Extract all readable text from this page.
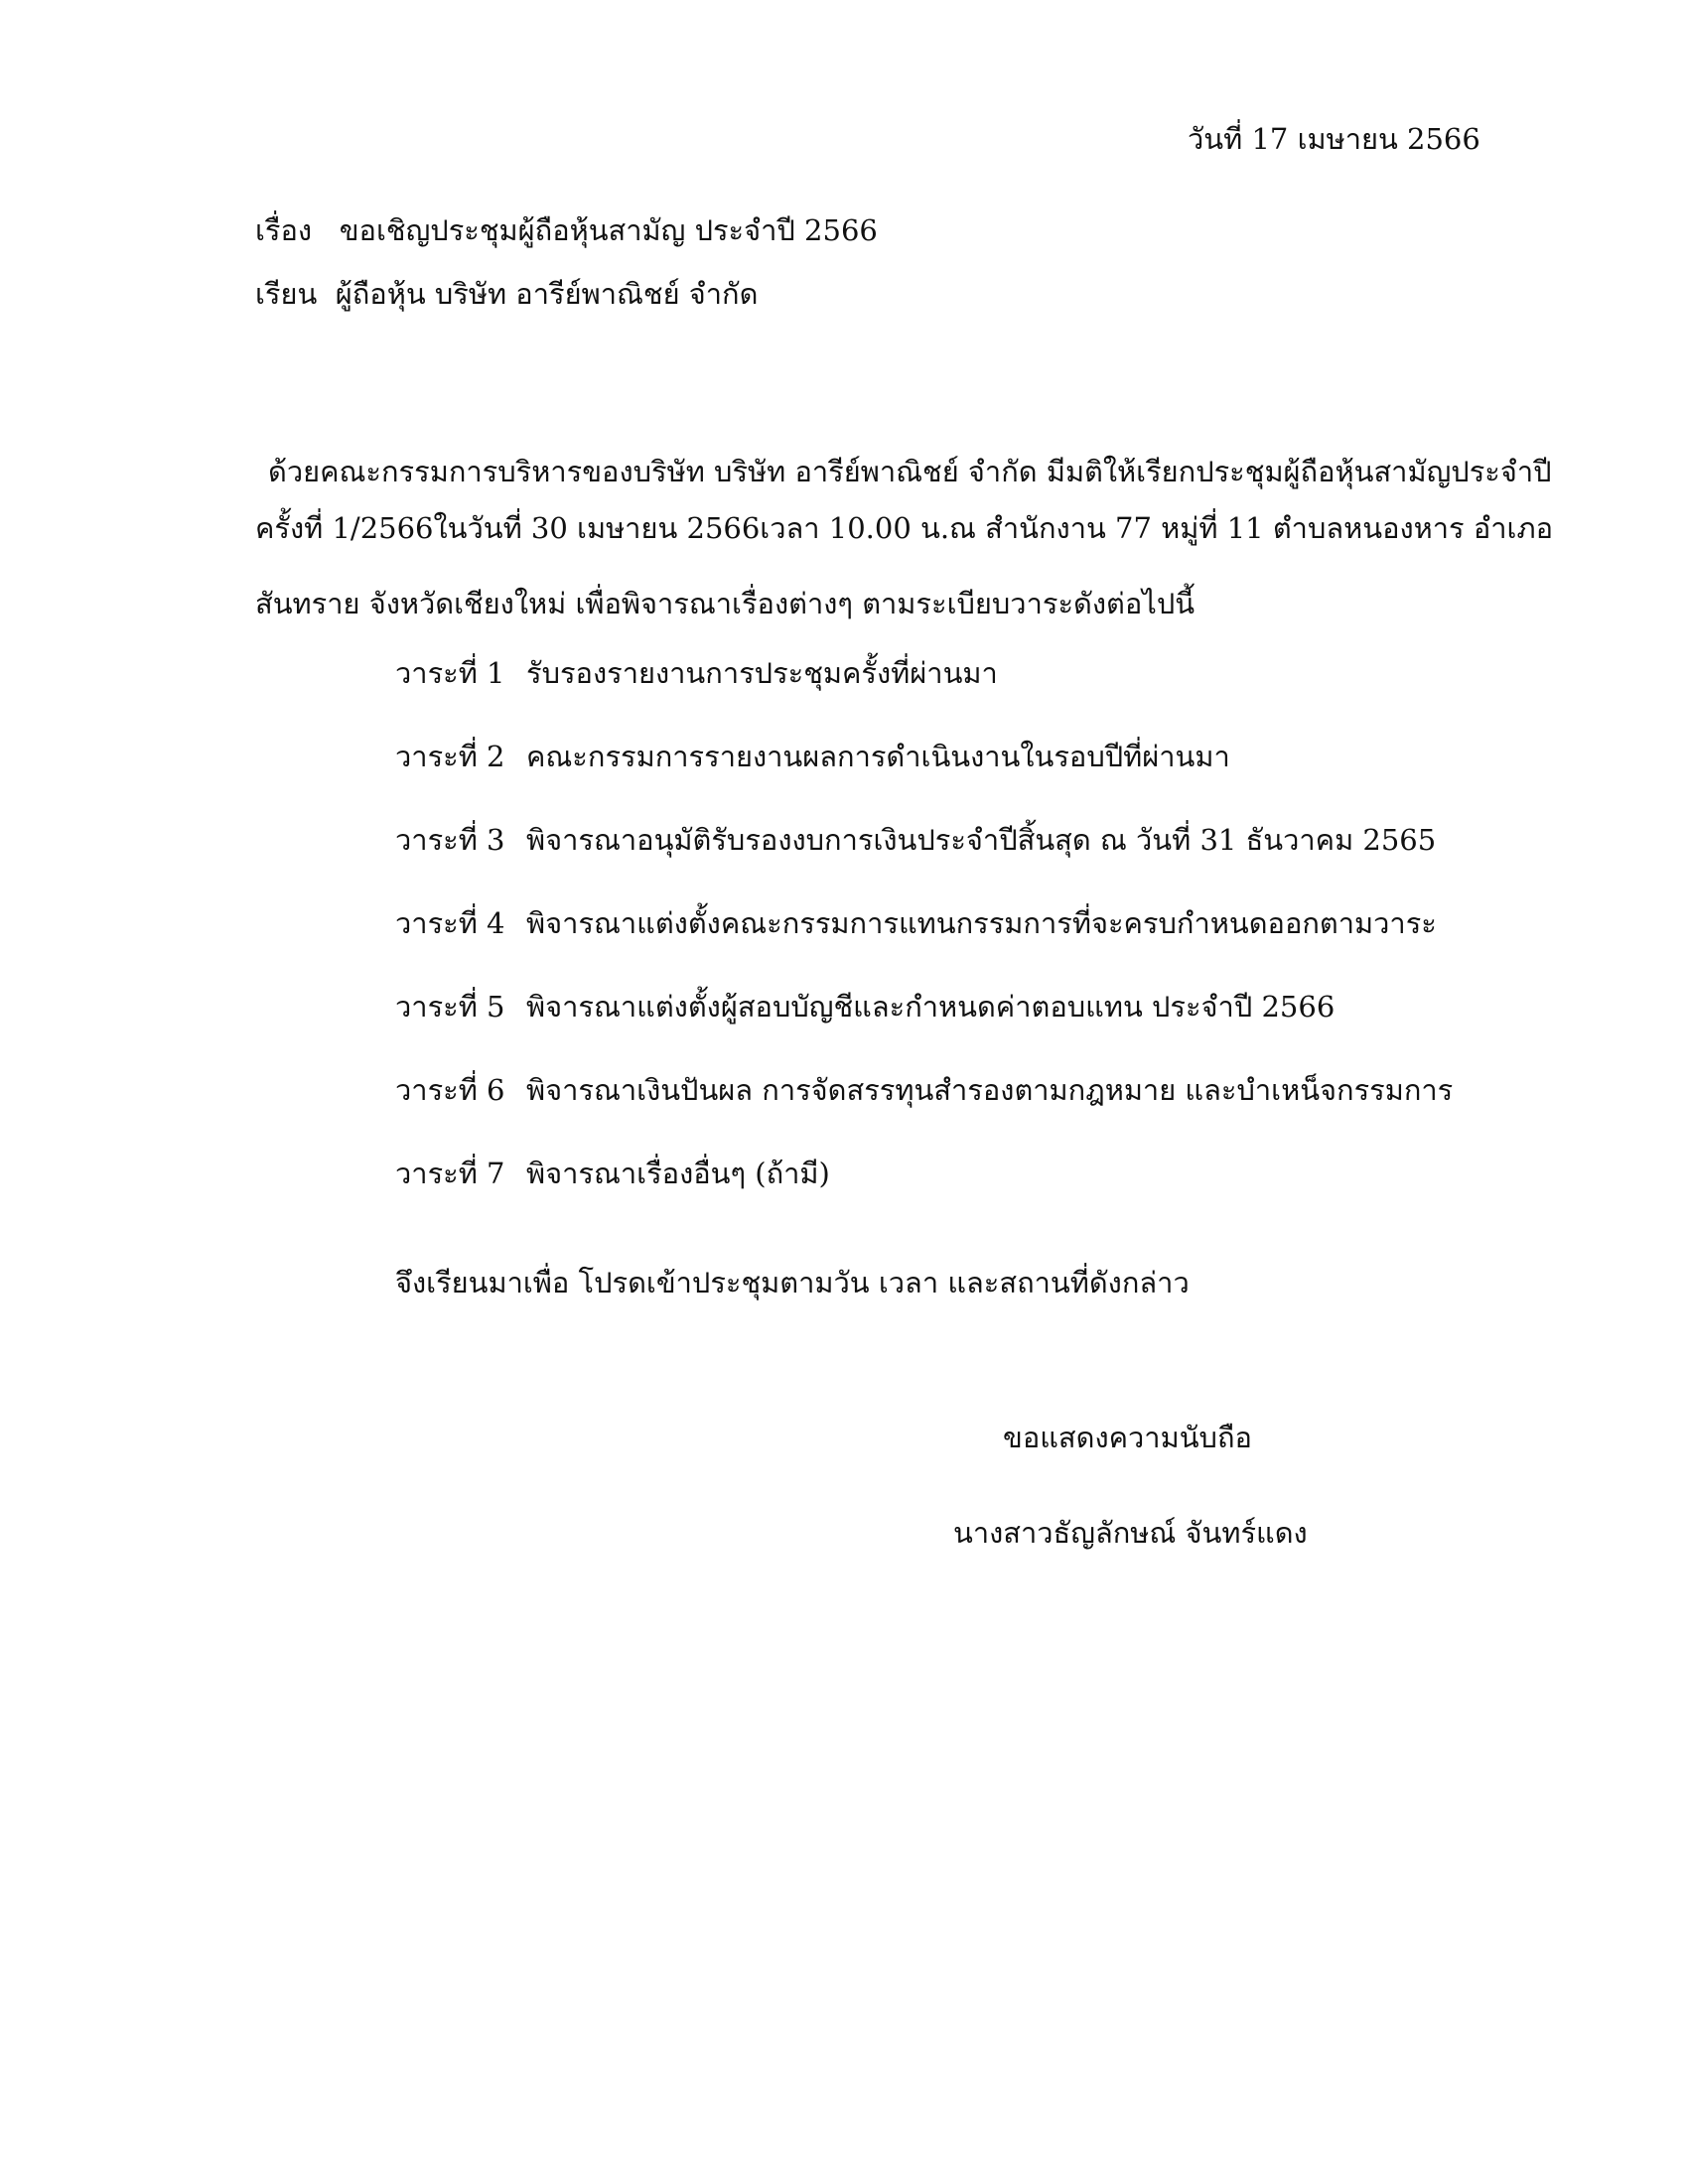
วันที่ 17 เมษายน 2566

เรื่อง ขอเชิญประชุมผู้ถือหุ้นสามัญ ประจำปี 2566

เรียน ผู้ถือหุ้น บริษัท อารีย์พาณิชย์ จำกัด

ด้วยคณะกรรมการบริหารของบริษัท บริษัท อารีย์พาณิชย์ จำกัด มีมติให้เรียกประชุมผู้ถือหุ้นสามัญประจำปี

ครั้งที่ 1/2566ในวันที่ 30 เมษายน 2566เวลา 10.00 น.ณ สำนักงาน 77 หมู่ที่ 11 ตำบลหนองหาร อำเภอ

สันทราย จังหวัดเชียงใหม่ เพื่อพิจารณาเรื่องต่างๆ ตามระเบียบวาระดังต่อไปนี้

วาระที่ 1 รับรองรายงานการประชุมครั้งที่ผ่านมา
วาระที่ 2 คณะกรรมการรายงานผลการดำเนินงานในรอบปีที่ผ่านมา
วาระที่ 3 พิจารณาอนุมัติรับรองงบการเงินประจำปีสิ้นสุด ณ วันที่ 31 ธันวาคม 2565
วาระที่ 4 พิจารณาแต่งตั้งคณะกรรมการแทนกรรมการที่จะครบกำหนดออกตามวาระ
วาระที่ 5 พิจารณาแต่งตั้งผู้สอบบัญชีและกำหนดค่าตอบแทน ประจำปี 2566
วาระที่ 6 พิจารณาเงินปันผล การจัดสรรทุนสำรองตามกฎหมาย และบำเหน็จกรรมการ
วาระที่ 7 พิจารณาเรื่องอื่นๆ (ถ้ามี)

จึงเรียนมาเพื่อ โปรดเข้าประชุมตามวัน เวลา และสถานที่ดังกล่าว

ขอแสดงความนับถือ

นางสาวธัญลักษณ์ จันทร์แดง
